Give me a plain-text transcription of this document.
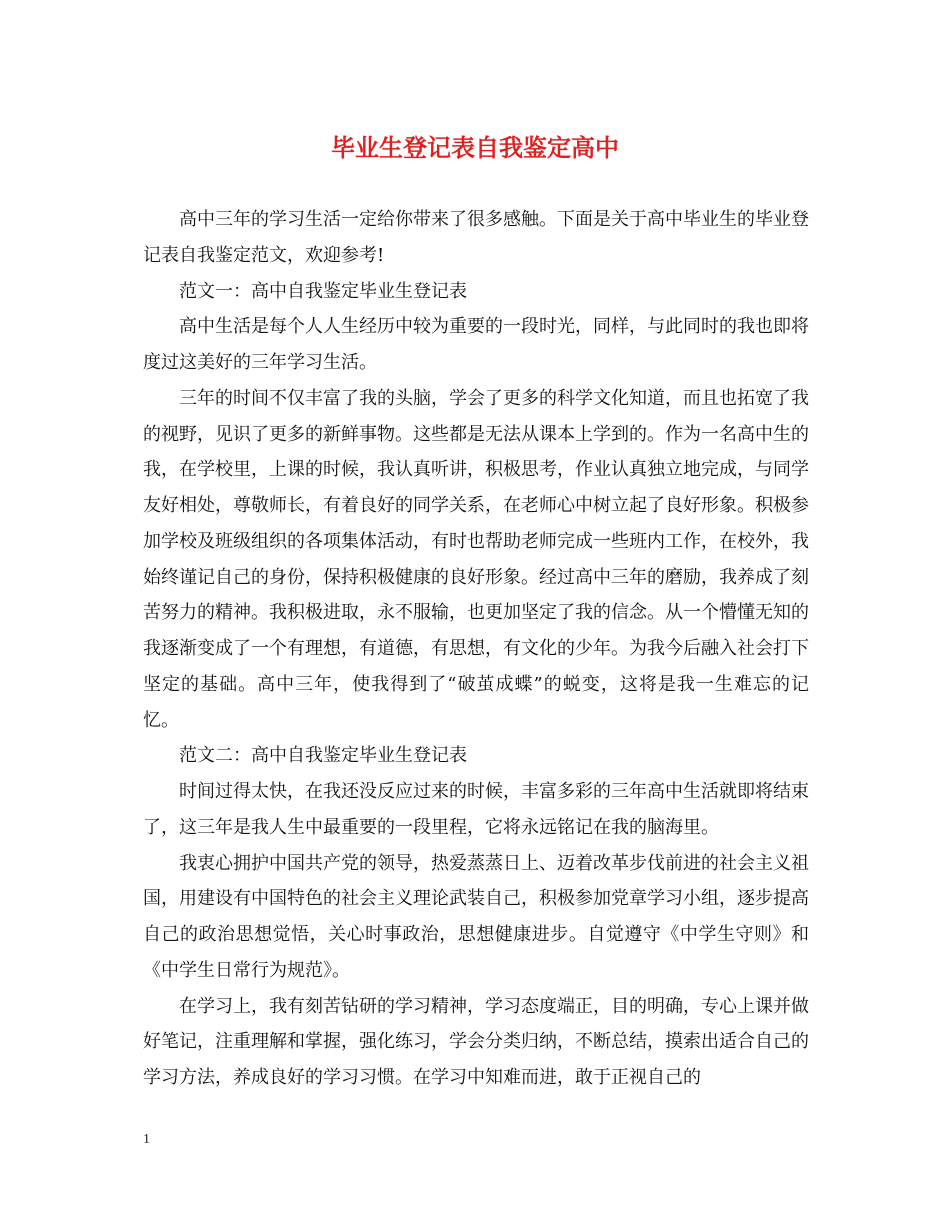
毕业生登记表自我鉴定高中

高中三年的学习生活一定给你带来了很多感触。下面是关于高中毕业生的毕业登记表自我鉴定范文，欢迎参考!

范文一：高中自我鉴定毕业生登记表

高中生活是每个人人生经历中较为重要的一段时光，同样，与此同时的我也即将度过这美好的三年学习生活。

三年的时间不仅丰富了我的头脑，学会了更多的科学文化知道，而且也拓宽了我的视野，见识了更多的新鲜事物。这些都是无法从课本上学到的。作为一名高中生的我，在学校里，上课的时候，我认真听讲，积极思考，作业认真独立地完成，与同学友好相处，尊敬师长，有着良好的同学关系，在老师心中树立起了良好形象。积极参加学校及班级组织的各项集体活动，有时也帮助老师完成一些班内工作，在校外，我始终谨记自己的身份，保持积极健康的良好形象。经过高中三年的磨励，我养成了刻苦努力的精神。我积极进取，永不服输，也更加坚定了我的信念。从一个懵懂无知的我逐渐变成了一个有理想，有道德，有思想，有文化的少年。为我今后融入社会打下坚定的基础。高中三年，使我得到了“破茧成蝶”的蜕变，这将是我一生难忘的记忆。

范文二：高中自我鉴定毕业生登记表

时间过得太快，在我还没反应过来的时候，丰富多彩的三年高中生活就即将结束了，这三年是我人生中最重要的一段里程，它将永远铭记在我的脑海里。

我衷心拥护中国共产党的领导，热爱蒸蒸日上、迈着改革步伐前进的社会主义祖国，用建设有中国特色的社会主义理论武装自己，积极参加党章学习小组，逐步提高自己的政治思想觉悟，关心时事政治，思想健康进步。自觉遵守《中学生守则》和《中学生日常行为规范》。

在学习上，我有刻苦钻研的学习精神，学习态度端正，目的明确，专心上课并做好笔记，注重理解和掌握，强化练习，学会分类归纳，不断总结，摸索出适合自己的学习方法，养成良好的学习习惯。在学习中知难而进，敢于正视自己的

1
